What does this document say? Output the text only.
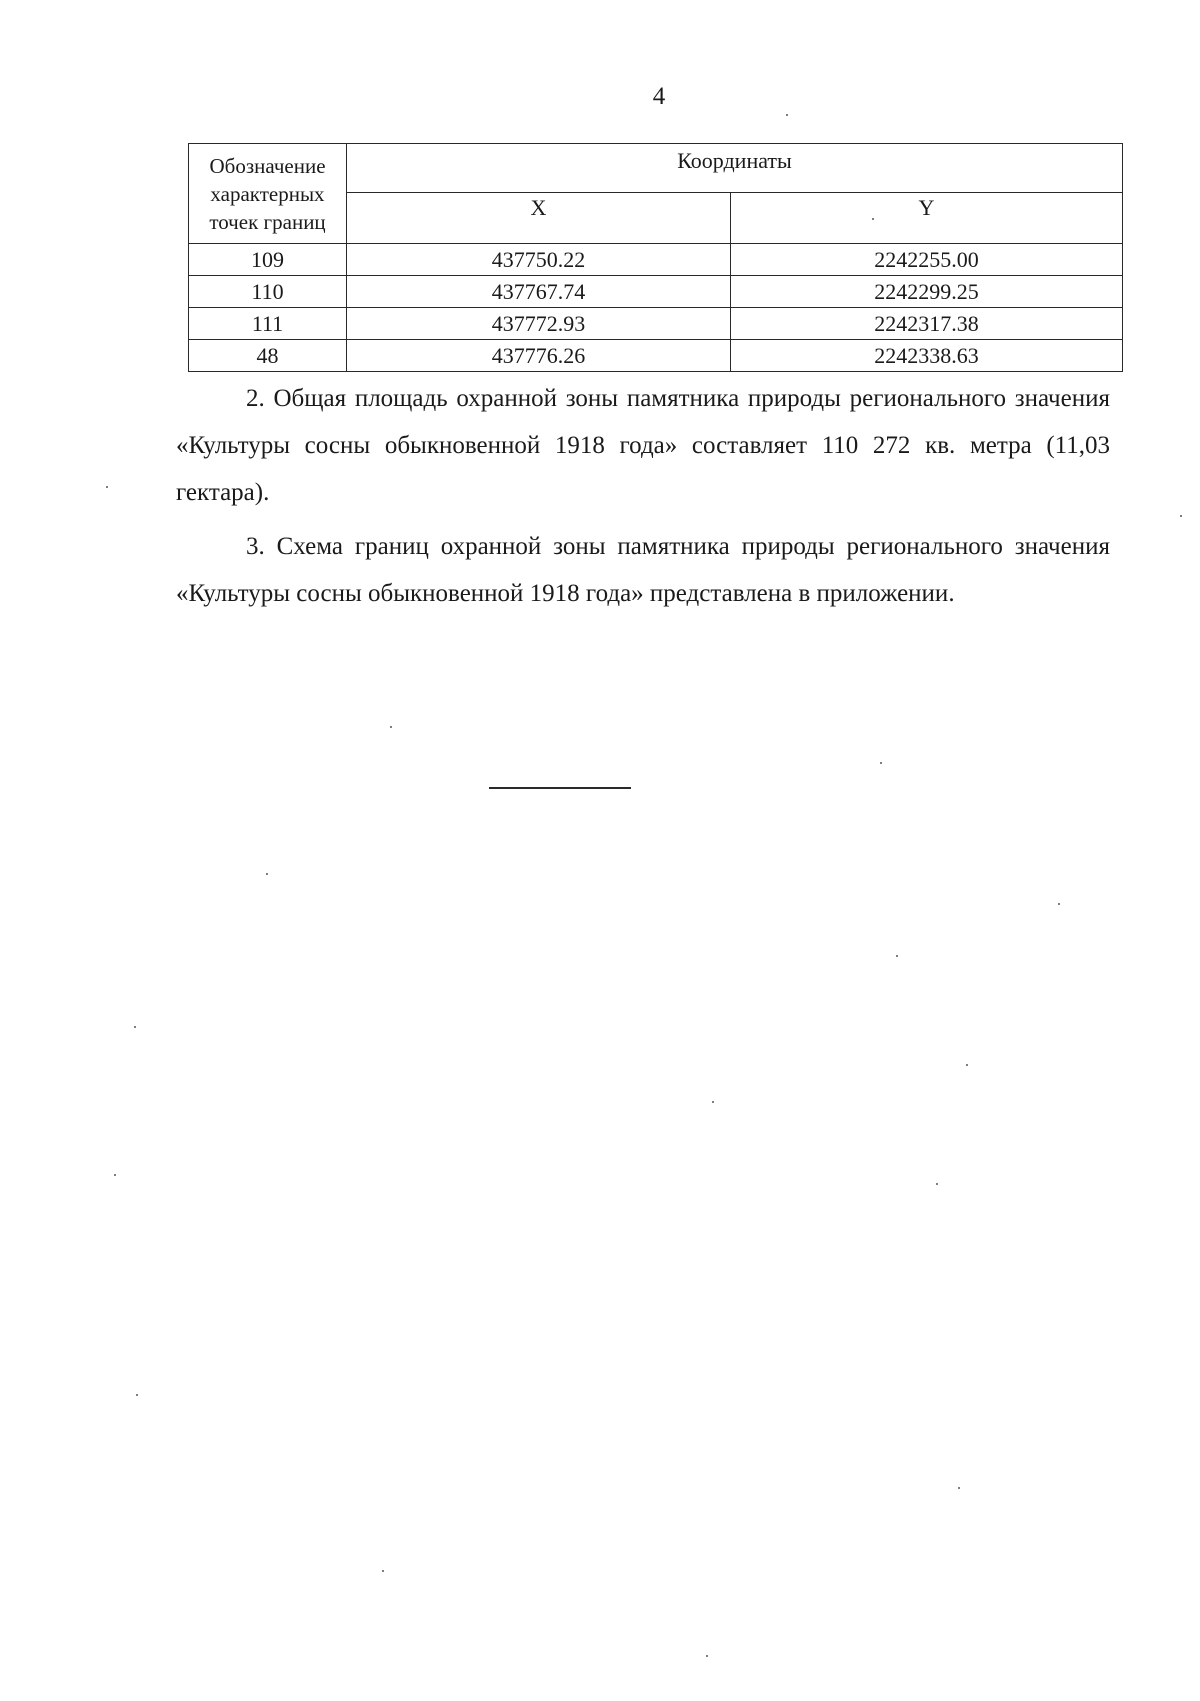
4
Обозначение характерных точек границ	Координаты	
	X	Y
109	437750.22	2242255.00
110	437767.74	2242299.25
111	437772.93	2242317.38
48	437776.26	2242338.63

2. Общая площадь охранной зоны памятника природы регионального значения «Культуры сосны обыкновенной 1918 года» составляет 110 272 кв. метра (11,03 гектара).

3. Схема границ охранной зоны памятника природы регионального значения «Культуры сосны обыкновенной 1918 года» представлена в приложении.
